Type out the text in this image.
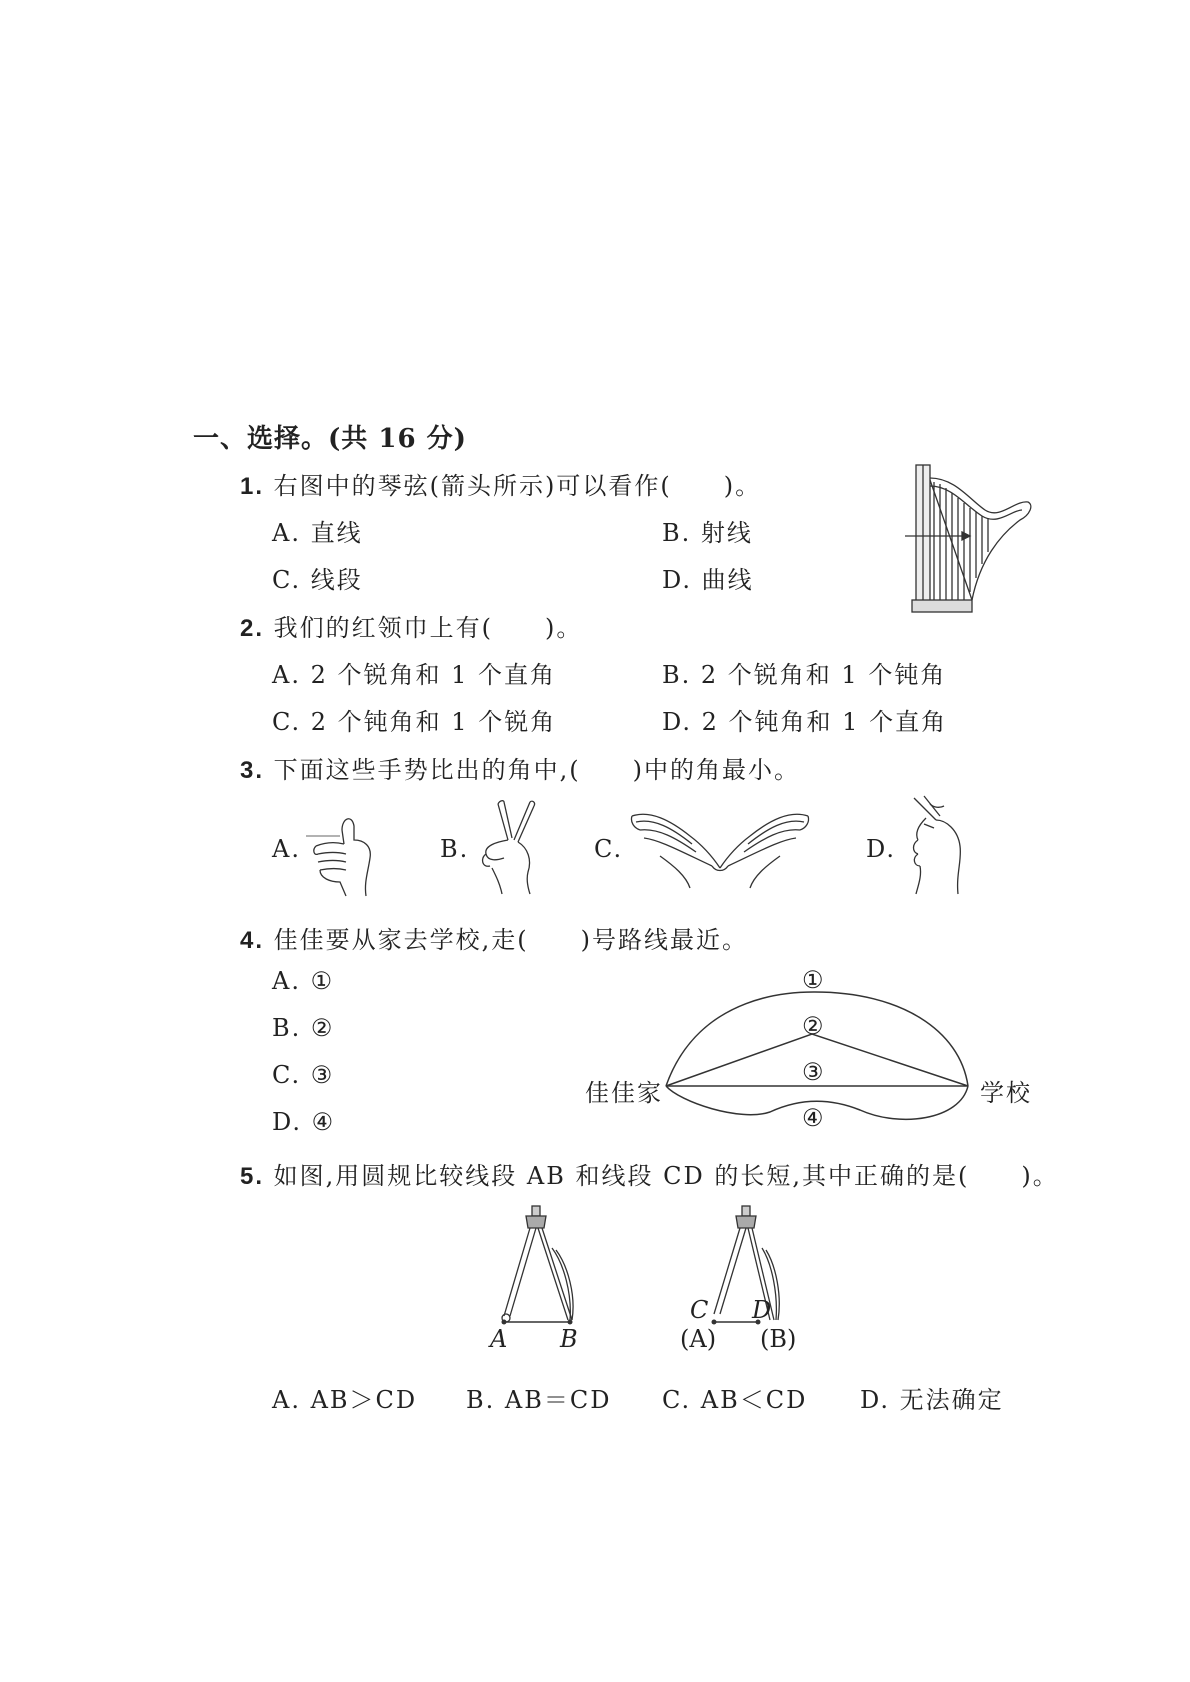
一、选择。(共 16 分)
1. 右图中的琴弦(箭头所示)可以看作(　　)。
A. 直线	B. 射线
C. 线段	D. 曲线
2. 我们的红领巾上有(　　)。
A. 2 个锐角和 1 个直角	B. 2 个锐角和 1 个钝角
C. 2 个钝角和 1 个锐角	D. 2 个钝角和 1 个直角
3. 下面这些手势比出的角中,(　　)中的角最小。
A.	B.	C.	D.
4. 佳佳要从家去学校,走(　　)号路线最近。
A. ①
B. ②
C. ③
D. ④
①
②
③
④
佳佳家	学校
5. 如图,用圆规比较线段 AB 和线段 CD 的长短,其中正确的是(　　)。
A B
C D
(A) (B)
A. AB＞CD B. AB＝CD C. AB＜CD D. 无法确定
